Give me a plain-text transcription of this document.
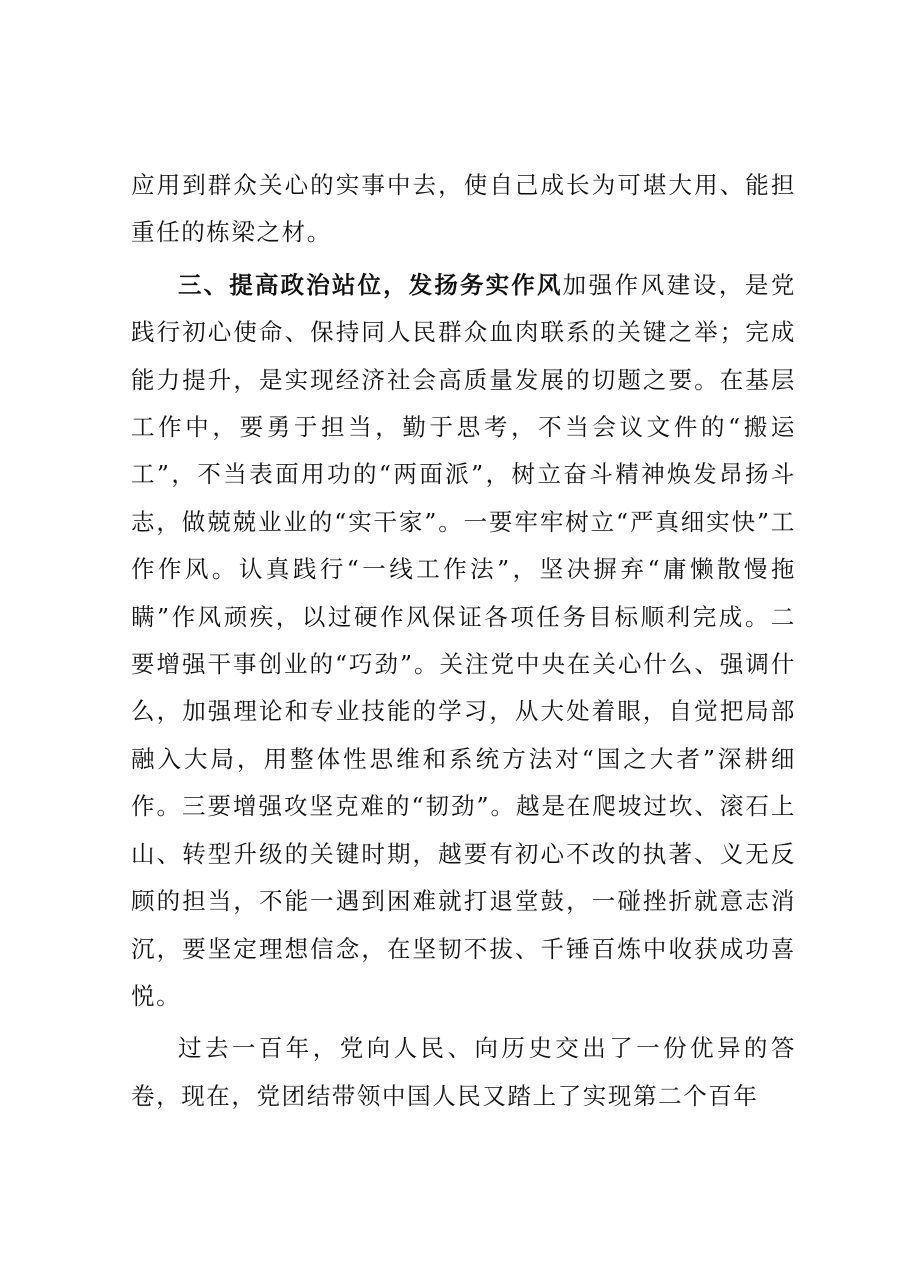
应用到群众关心的实事中去，使自己成长为可堪大用、能担重任的栋梁之材。

三、提高政治站位，发扬务实作风加强作风建设，是党践行初心使命、保持同人民群众血肉联系的关键之举；完成能力提升，是实现经济社会高质量发展的切题之要。在基层工作中，要勇于担当，勤于思考，不当会议文件的“搬运工”，不当表面用功的“两面派”，树立奋斗精神焕发昂扬斗志，做兢兢业业的“实干家”。一要牢牢树立“严真细实快”工作作风。认真践行“一线工作法”，坚决摒弃“庸懒散慢拖瞒”作风顽疾，以过硬作风保证各项任务目标顺利完成。二要增强干事创业的“巧劲”。关注党中央在关心什么、强调什么，加强理论和专业技能的学习，从大处着眼，自觉把局部融入大局，用整体性思维和系统方法对“国之大者”深耕细作。三要增强攻坚克难的“韧劲”。越是在爬坡过坎、滚石上山、转型升级的关键时期，越要有初心不改的执著、义无反顾的担当，不能一遇到困难就打退堂鼓，一碰挫折就意志消沉，要坚定理想信念，在坚韧不拔、千锤百炼中收获成功喜悦。

过去一百年，党向人民、向历史交出了一份优异的答卷，现在，党团结带领中国人民又踏上了实现第二个百年
